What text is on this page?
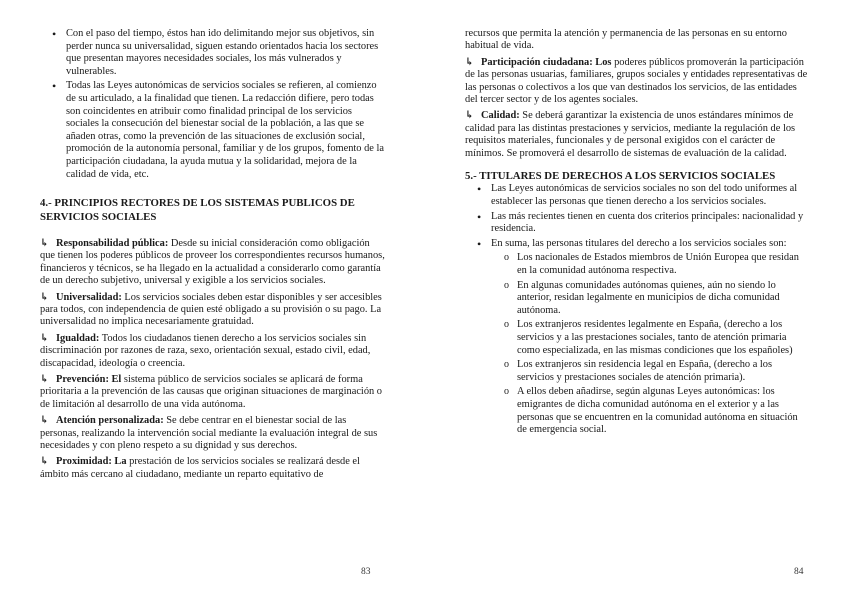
• Con el paso del tiempo, éstos han ido delimitando mejor sus objetivos, sin perder nunca su universalidad, siguen estando orientados hacia los sectores que presentan mayores necesidades sociales, los más vulnerados y vulnerables.
• Todas las Leyes autonómicas de servicios sociales se refieren, al comienzo de su articulado, a la finalidad que tienen. La redacción difiere, pero todas son coincidentes en atribuir como finalidad principal de los servicios sociales la consecución del bienestar social de la población, a las que se añaden otras, como la prevención de las situaciones de exclusión social, promoción de la autonomía personal, familiar y de los grupos, fomento de la participación ciudadana, la ayuda mutua y la solidaridad, mejora de la calidad de vida, etc.
4.- PRINCIPIOS RECTORES DE LOS SISTEMAS PUBLICOS DE SERVICIOS SOCIALES

↳ Responsabilidad pública: Desde su inicial consideración como obligación que tienen los poderes públicos de proveer los correspondientes recursos humanos, financieros y técnicos, se ha llegado en la actualidad a considerarlo como garantía de un derecho subjetivo, universal y exigible a los servicios sociales.

↳ Universalidad: Los servicios sociales deben estar disponibles y ser accesibles para todos, con independencia de quien esté obligado a su provisión o su pago. La universalidad no implica necesariamente gratuidad.

↳ Igualdad: Todos los ciudadanos tienen derecho a los servicios sociales sin discriminación por razones de raza, sexo, orientación sexual, estado civil, edad, discapacidad, ideología o creencia.

↳ Prevención: El sistema público de servicios sociales se aplicará de forma prioritaria a la prevención de las causas que originan situaciones de marginación o de limitación al desarrollo de una vida autónoma.

↳ Atención personalizada: Se debe centrar en el bienestar social de las personas, realizando la intervención social mediante la evaluación integral de sus necesidades y con pleno respeto a su dignidad y sus derechos.

↳ Proximidad: La prestación de los servicios sociales se realizará desde el ámbito más cercano al ciudadano, mediante un reparto equitativo de

83

recursos que permita la atención y permanencia de las personas en su entorno habitual de vida.

↳ Participación ciudadana: Los poderes públicos promoverán la participación de las personas usuarias, familiares, grupos sociales y entidades representativas de las personas o colectivos a los que van destinados los servicios, de las entidades del tercer sector y de los agentes sociales.

↳ Calidad: Se deberá garantizar la existencia de unos estándares mínimos de calidad para las distintas prestaciones y servicios, mediante la regulación de los requisitos materiales, funcionales y de personal exigidos con el carácter de mínimos. Se promoverá el desarrollo de sistemas de evaluación de la calidad.

5.- TITULARES DE DERECHOS A LOS SERVICIOS SOCIALES
• Las Leyes autonómicas de servicios sociales no son del todo uniformes al establecer las personas que tienen derecho a los servicios sociales.
• Las más recientes tienen en cuenta dos criterios principales: nacionalidad y residencia.
• En suma, las personas titulares del derecho a los servicios sociales son:
o Los nacionales de Estados miembros de Unión Europea que residan en la comunidad autónoma respectiva.
o En algunas comunidades autónomas quienes, aún no siendo lo anterior, residan legalmente en municipios de dicha comunidad autónoma.
o Los extranjeros residentes legalmente en España, (derecho a los servicios y a las prestaciones sociales, tanto de atención primaria como especializada, en las mismas condiciones que los españoles)
o Los extranjeros sin residencia legal en España, (derecho a los servicios y prestaciones sociales de atención primaria).
o A ellos deben añadirse, según algunas Leyes autonómicas: los emigrantes de dicha comunidad autónoma en el exterior y a las personas que se encuentren en la comunidad autónoma en situación de emergencia social.
84
